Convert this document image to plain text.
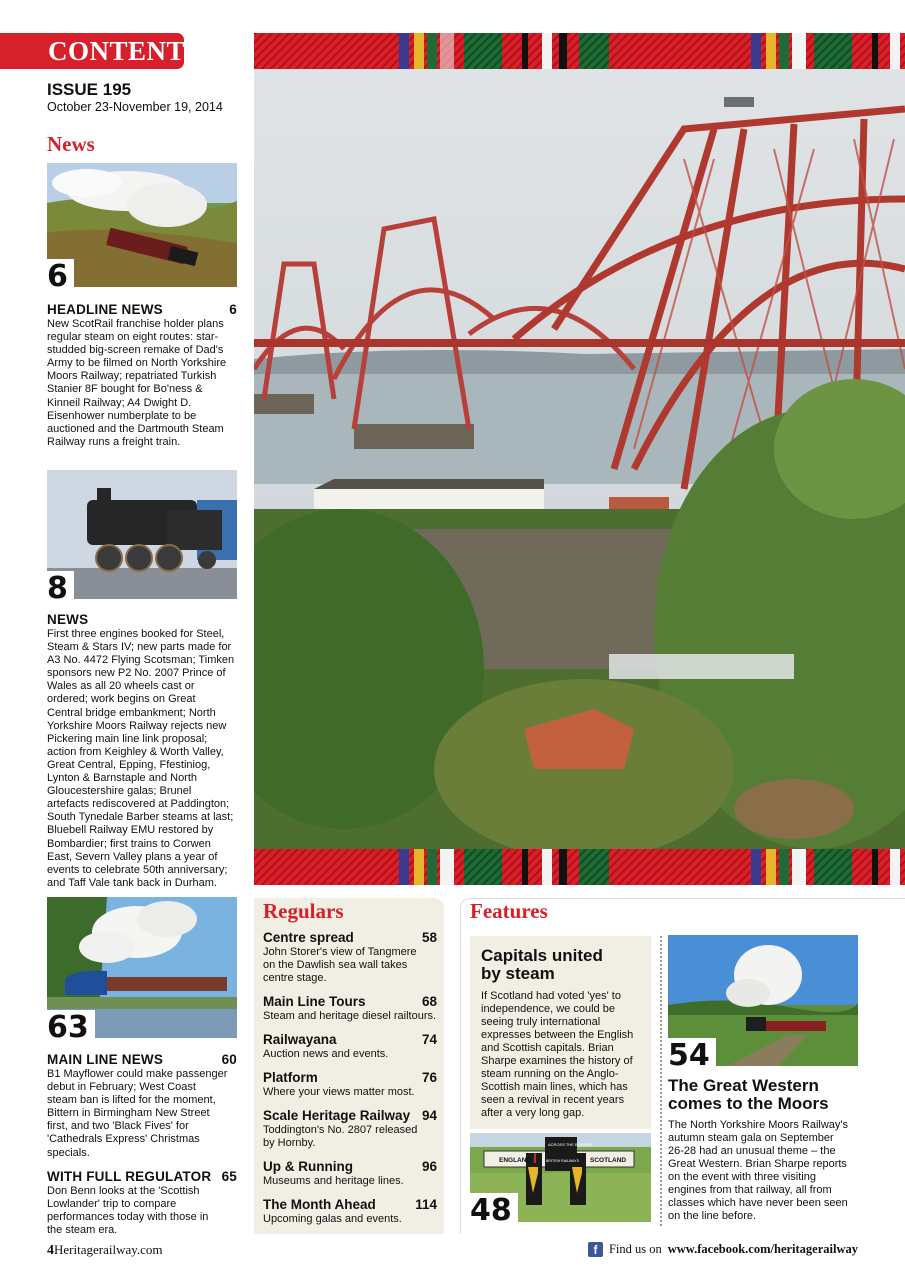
CONTENTS
ISSUE 195
October 23-November 19, 2014
News
6
HEADLINE NEWS	6
New ScotRail franchise holder plans
regular steam on eight routes: star-
studded big-screen remake of Dad's
Army to be filmed on North Yorkshire
Moors Railway; repatriated Turkish
Stanier 8F bought for Bo'ness &
Kinneil Railway; A4 Dwight D.
Eisenhower numberplate to be
auctioned and the Dartmouth Steam
Railway runs a freight train.
8
NEWS
First three engines booked for Steel,
Steam & Stars IV; new parts made for
A3 No. 4472 Flying Scotsman; Timken
sponsors new P2 No. 2007 Prince of
Wales as all 20 wheels cast or
ordered; work begins on Great
Central bridge embankment; North
Yorkshire Moors Railway rejects new
Pickering main line link proposal;
action from Keighley & Worth Valley,
Great Central, Epping, Ffestiniog,
Lynton & Barnstaple and North
Gloucestershire galas; Brunel
artefacts rediscovered at Paddington;
South Tynedale Barber steams at last;
Bluebell Railway EMU restored by
Bombardier; first trains to Corwen
East, Severn Valley plans a year of
events to celebrate 50th anniversary;
and Taff Vale tank back in Durham.
63
MAIN LINE NEWS	60
B1 Mayflower could make passenger
debut in February; West Coast
steam ban is lifted for the moment,
Bittern in Birmingham New Street
first, and two 'Black Fives' for
'Cathedrals Express' Christmas
specials.
WITH FULL REGULATOR 65
Don Benn looks at the 'Scottish
Lowlander' trip to compare
performances today with those in
the steam era.
Regulars
Centre spread	58
John Storer's view of Tangmere
on the Dawlish sea wall takes
centre stage.
Main Line Tours	68
Steam and heritage diesel railtours.
Railwayana	74
Auction news and events.
Platform	76
Where your views matter most.
Scale Heritage Railway 94
Toddington's No. 2807 released
by Hornby.
Up & Running	96
Museums and heritage lines.
The Month Ahead	114
Upcoming galas and events.
Features
Capitals united
by steam
If Scotland had voted 'yes' to
independence, we could be
seeing truly international
expresses between the English
and Scottish capitals. Brian
Sharpe examines the history of
steam running on the Anglo-
Scottish main lines, which has
seen a revival in recent years
after a very long gap.
ENGLAND	SCOTLAND
ACROSS THE BORDER
BRITISH RAILWAYS
48
54
The Great Western
comes to the Moors
The North Yorkshire Moors Railway's
autumn steam gala on September
26-28 had an unusual theme – the
Great Western. Brian Sharpe reports
on the event with three visiting
engines from that railway, all from
classes which have never been seen
on the line before.
4Heritagerailway.com	f Find us on www.facebook.com/heritagerailway
